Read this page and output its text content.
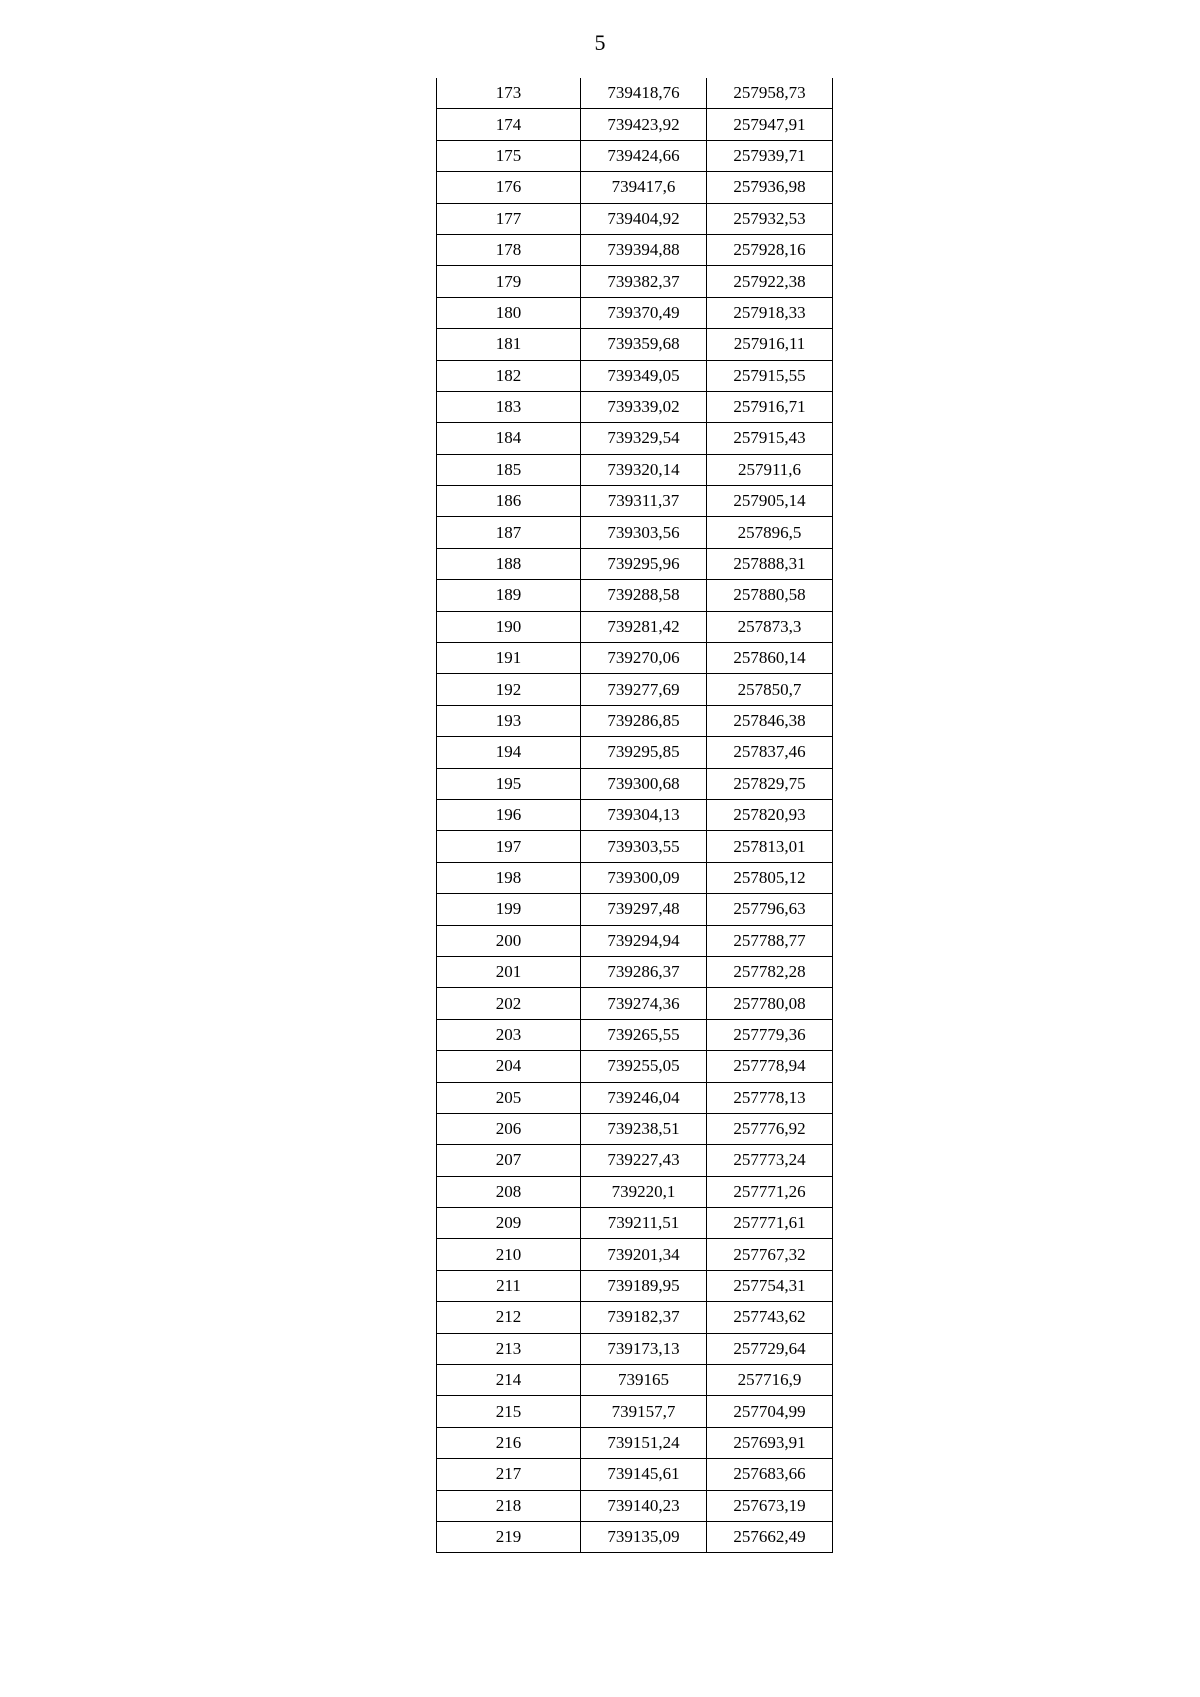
5
173	739418,76	257958,73
174	739423,92	257947,91
175	739424,66	257939,71
176	739417,6	257936,98
177	739404,92	257932,53
178	739394,88	257928,16
179	739382,37	257922,38
180	739370,49	257918,33
181	739359,68	257916,11
182	739349,05	257915,55
183	739339,02	257916,71
184	739329,54	257915,43
185	739320,14	257911,6
186	739311,37	257905,14
187	739303,56	257896,5
188	739295,96	257888,31
189	739288,58	257880,58
190	739281,42	257873,3
191	739270,06	257860,14
192	739277,69	257850,7
193	739286,85	257846,38
194	739295,85	257837,46
195	739300,68	257829,75
196	739304,13	257820,93
197	739303,55	257813,01
198	739300,09	257805,12
199	739297,48	257796,63
200	739294,94	257788,77
201	739286,37	257782,28
202	739274,36	257780,08
203	739265,55	257779,36
204	739255,05	257778,94
205	739246,04	257778,13
206	739238,51	257776,92
207	739227,43	257773,24
208	739220,1	257771,26
209	739211,51	257771,61
210	739201,34	257767,32
211	739189,95	257754,31
212	739182,37	257743,62
213	739173,13	257729,64
214	739165	257716,9
215	739157,7	257704,99
216	739151,24	257693,91
217	739145,61	257683,66
218	739140,23	257673,19
219	739135,09	257662,49
